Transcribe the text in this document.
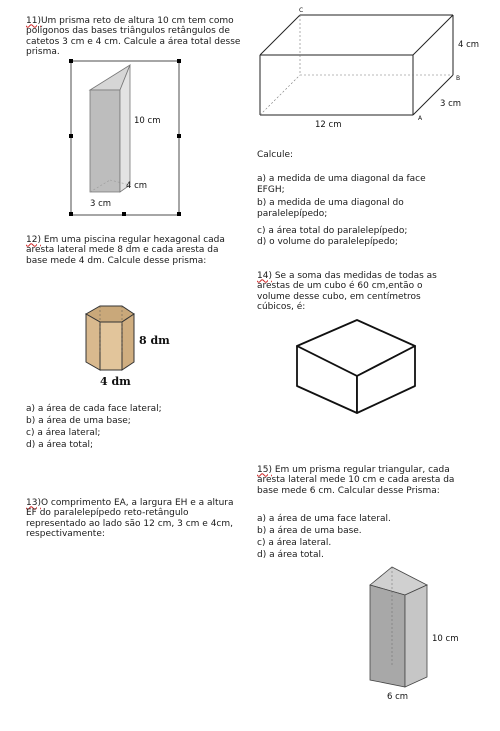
11)Um prisma reto de altura 10 cm tem como polígonos das bases triângulos retângulos de catetos 3 cm e 4 cm. Calcule a área total desse prisma.

10 cm
4 cm
3 cm
C
B
A
4 cm
3 cm
12 cm
Calcule:
a) a medida de uma diagonal da face EFGH;
b) a medida de uma diagonal do paralelepípedo;
c) a área total do paralelepípedo;
d) o volume do paralelepípedo;

12) Em uma piscina regular hexagonal cada aresta lateral mede 8 dm e cada aresta da base mede 4 dm. Calcule desse prisma:

8 dm
4 dm
a) a área de cada face lateral;
b) a área de uma base;
c) a área lateral;
d) a área total;

13)O comprimento EA, a largura EH e a altura EF do paralelepípedo reto-retângulo representado ao lado são 12 cm, 3 cm e 4cm, respectivamente:

14) Se a soma das medidas de todas as arestas de um cubo é 60 cm,então o volume desse cubo, em centímetros cúbicos, é:

15) Em um prisma regular triangular, cada aresta lateral mede 10 cm e cada aresta da base mede 6 cm. Calcular desse Prisma:

a) a área de uma face lateral.
b) a área de uma base.
c) a área lateral.
d) a área total.
10 cm
6 cm
